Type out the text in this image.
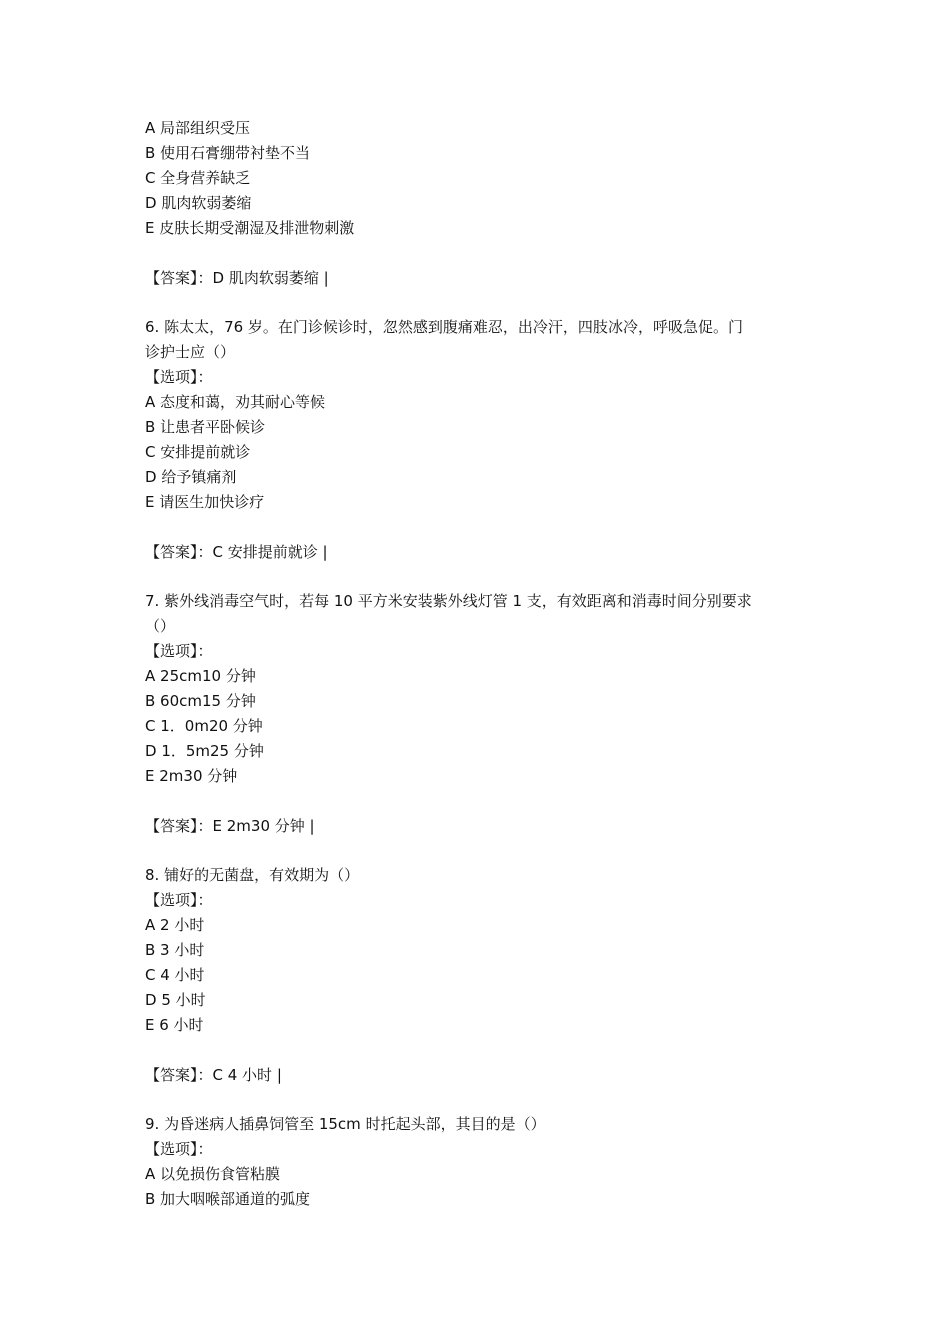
A 局部组织受压
B 使用石膏绷带衬垫不当
C 全身营养缺乏
D 肌肉软弱萎缩
E 皮肤长期受潮湿及排泄物刺激
【答案】：D 肌肉软弱萎缩 |
6. 陈太太，76 岁。在门诊候诊时，忽然感到腹痛难忍，出冷汗，四肢冰冷，呼吸急促。门
诊护士应（）
【选项】：
A 态度和蔼，劝其耐心等候
B 让患者平卧候诊
C 安排提前就诊
D 给予镇痛剂
E 请医生加快诊疗
【答案】：C 安排提前就诊 |
7. 紫外线消毒空气时，若每 10 平方米安装紫外线灯管 1 支，有效距离和消毒时间分别要求
（）
【选项】：
A 25cm10 分钟
B 60cm15 分钟
C 1．0m20 分钟
D 1．5m25 分钟
E 2m30 分钟
【答案】：E 2m30 分钟 |
8. 铺好的无菌盘，有效期为（）
【选项】：
A 2 小时
B 3 小时
C 4 小时
D 5 小时
E 6 小时
【答案】：C 4 小时 |
9. 为昏迷病人插鼻饲管至 15cm 时托起头部，其目的是（）
【选项】：
A 以免损伤食管粘膜
B 加大咽喉部通道的弧度
